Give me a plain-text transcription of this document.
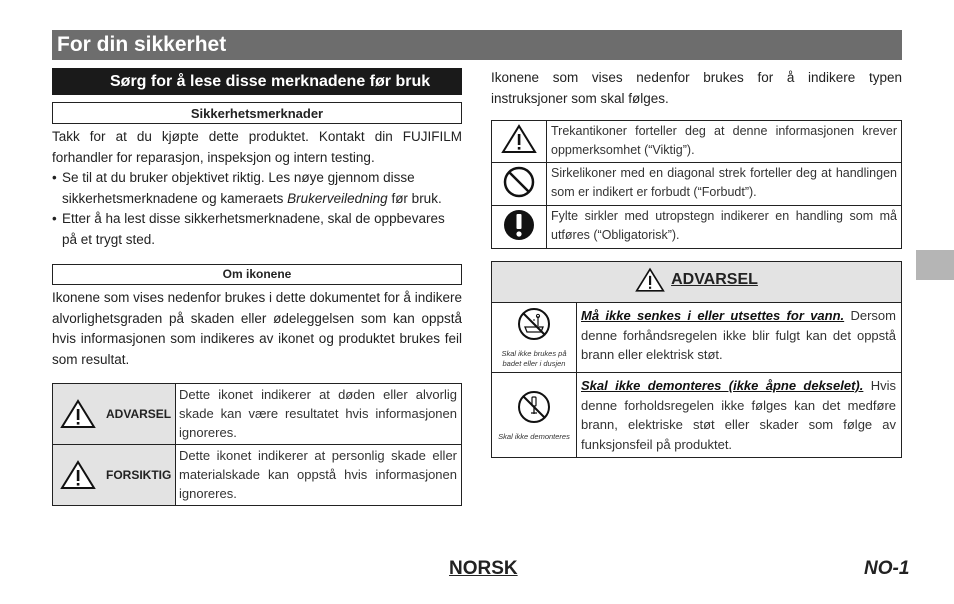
For din sikkerhet
Sørg for å lese disse merknadene før bruk
Sikkerhetsmerknader

Takk for at du kjøpte dette produktet. Kontakt din FUJIFILM forhandler for reparasjon, inspeksjon og intern testing.

• Se til at du bruker objektivet riktig. Les nøye gjennom disse sikkerhetsmerknadene og kameraets Brukerveiledning før bruk.
• Etter å ha lest disse sikkerhetsmerknadene, skal de oppbevares på et trygt sted.
Om ikonene

Ikonene som vises nedenfor brukes i dette dokumentet for å indikere alvorlighetsgraden på skaden eller ødeleggelsen som kan oppstå hvis informasjonen som indikeres av ikonet og produktet brukes feil som resultat.

ADVARSEL	Dette ikonet indikerer at døden eller alvorlig skade kan være resultatet hvis informasjonen ignoreres.

FORSIKTIG	Dette ikonet indikerer at personlig skade eller materialskade kan oppstå hvis informasjonen ignoreres.

Ikonene som vises nedenfor brukes for å indikere typen instruksjoner som skal følges.

	Trekantikoner forteller deg at denne informasjonen krever oppmerksomhet (“Viktig”).
	Sirkelikoner med en diagonal strek forteller deg at handlingen som er indikert er forbudt (“Forbudt”).
	Fylte sirkler med utropstegn indikerer en handling som må utføres (“Obligatorisk”).
ADVARSEL	

Skal ikke brukes på badet eller i dusjen	Må ikke senkes i eller utsettes for vann. Dersom denne forhåndsregelen ikke blir fulgt kan det oppstå brann eller elektrisk støt.

Skal ikke demonteres	Skal ikke demonteres (ikke åpne dekselet). Hvis denne forholdsregelen ikke følges kan det medføre brann, elektriske støt eller skader som følge av funksjonsfeil på produktet.
NORSK	NO-1
